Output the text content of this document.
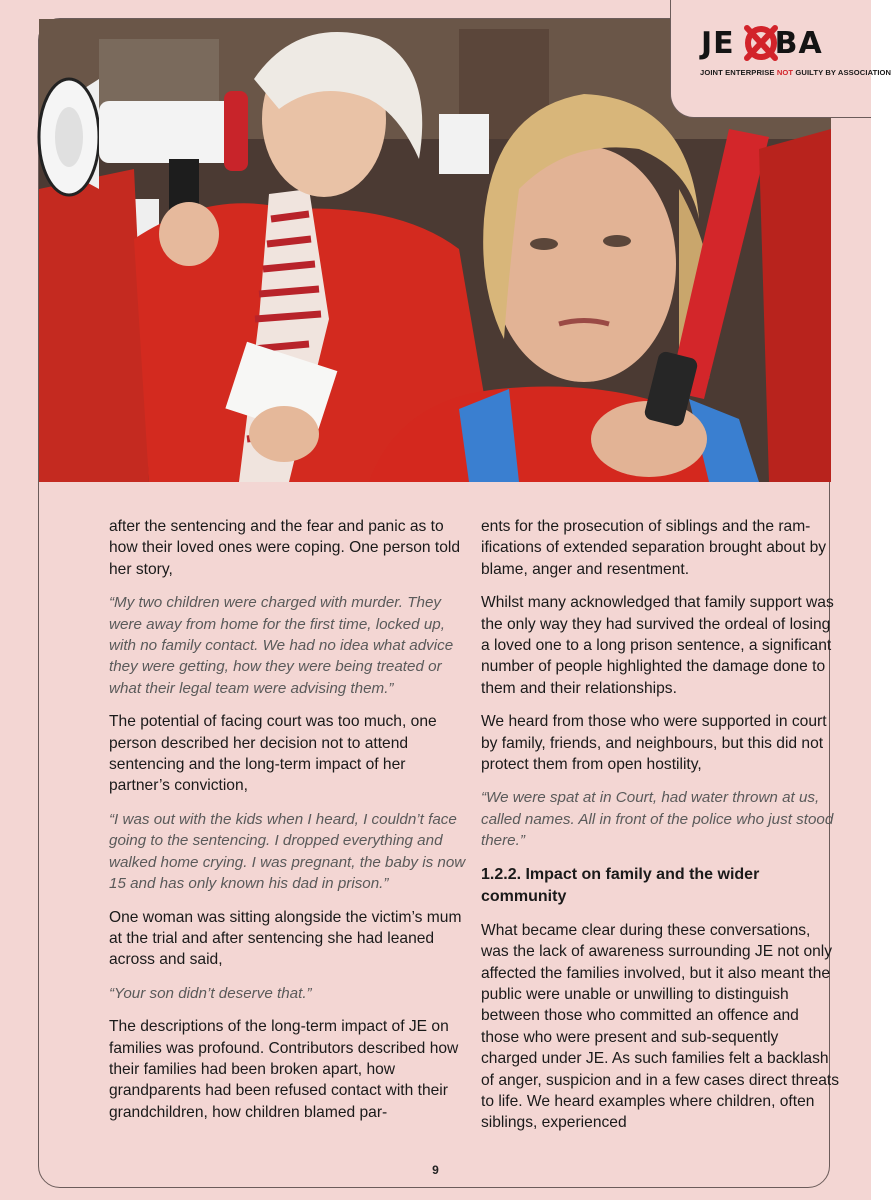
after the sentencing and the fear and panic as to how their loved ones were coping. One person told her story,

“My two children were charged with murder. They were away from home for the first time, locked up, with no family contact. We had no idea what advice they were getting, how they were being treated or what their legal team were advising them.”

The potential of facing court was too much, one person described her decision not to attend sentencing and the long-term impact of her partner’s conviction,

“I was out with the kids when I heard, I couldn’t face going to the sentencing. I dropped everything and walked home crying. I was pregnant, the baby is now 15 and has only known his dad in prison.”

One woman was sitting alongside the victim’s mum at the trial and after sentencing she had leaned across and said,

“Your son didn’t deserve that.”

The descriptions of the long-term impact of JE on families was profound. Contributors described how their families had been broken apart, how grandparents had been refused contact with their grandchildren, how children blamed par-

ents for the prosecution of siblings and the ram-ifications of extended separation brought about by blame, anger and resentment.

Whilst many acknowledged that family support was the only way they had survived the ordeal of losing a loved one to a long prison sentence, a significant number of people highlighted the damage done to them and their relationships.

We heard from those who were supported in court by family, friends, and neighbours, but this did not protect them from open hostility,

“We were spat at in Court, had water thrown at us, called names. All in front of the police who just stood there.”

1.2.2. Impact on family and the wider community

What became clear during these conversations, was the lack of awareness surrounding JE not only affected the families involved, but it also meant the public were unable or unwilling to distinguish between those who committed an offence and those who were present and sub-sequently charged under JE. As such families felt a backlash of anger, suspicion and in a few cases direct threats to life. We heard examples where children, often siblings, experienced

JE BA
JOINT ENTERPRISE NOT GUILTY BY ASSOCIATION
9
